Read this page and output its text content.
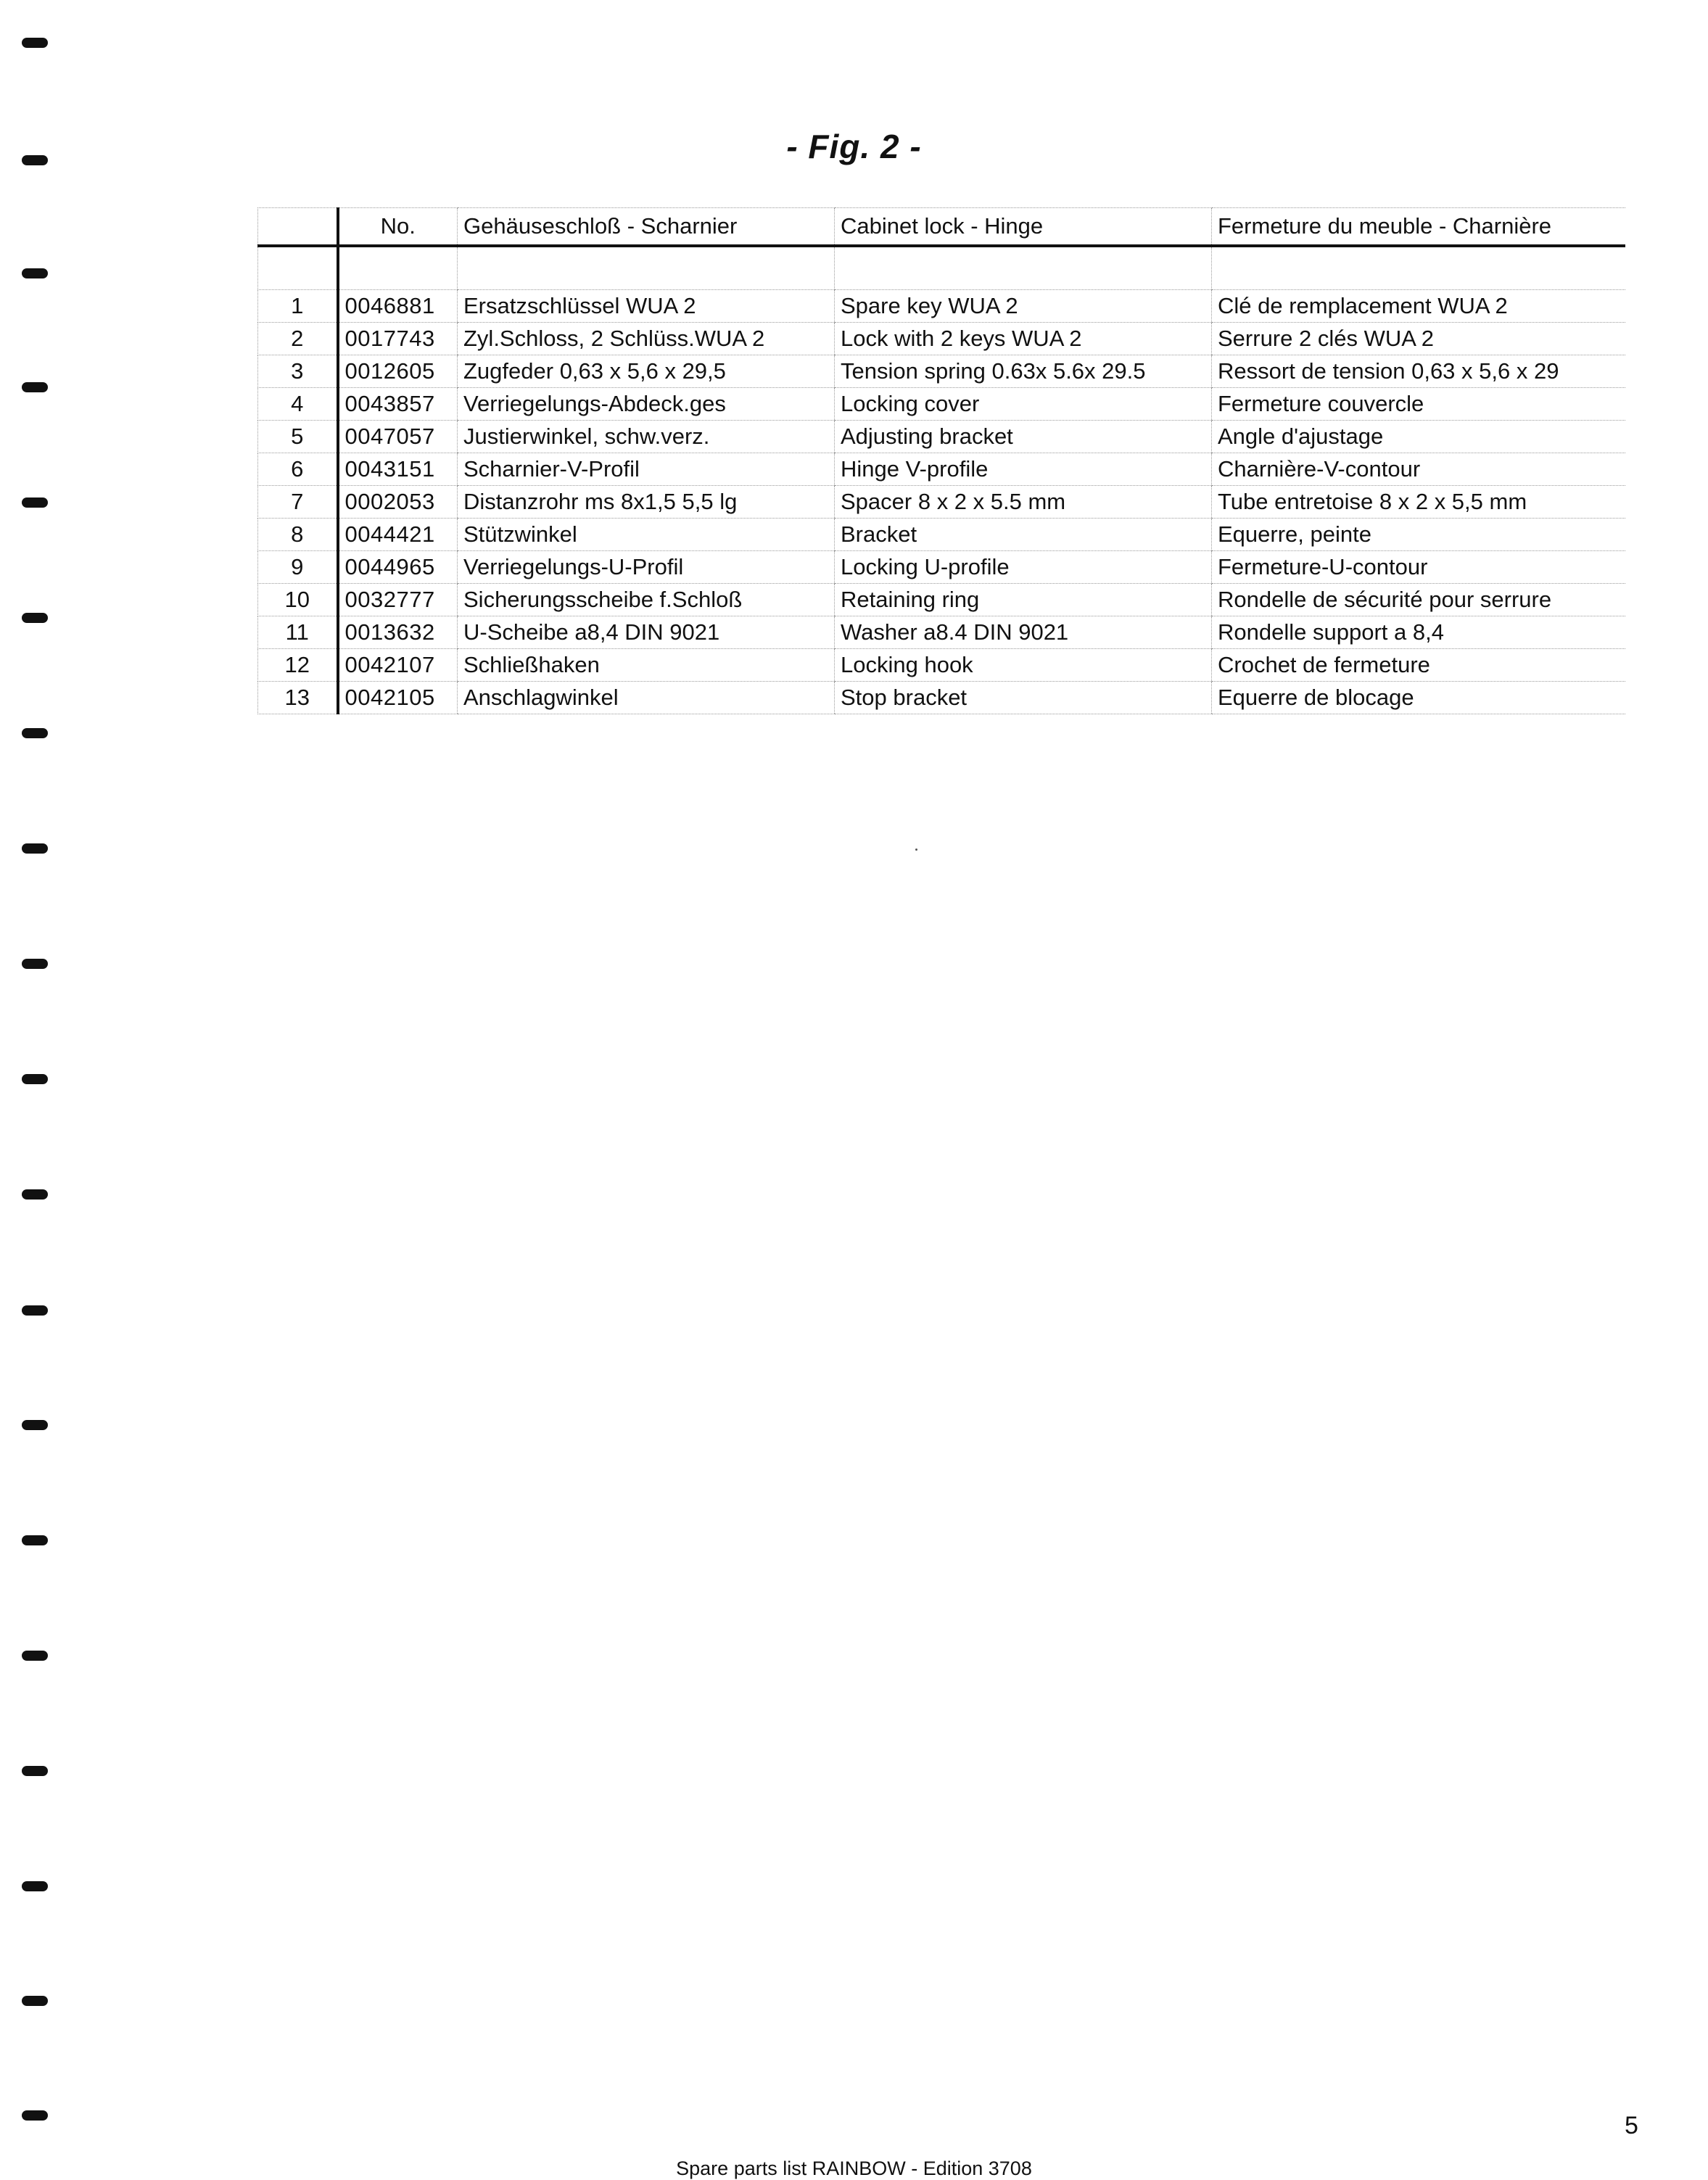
- Fig. 2 -
	No.	Gehäuseschloß - Scharnier	Cabinet lock - Hinge	Fermeture du meuble - Charnière

1	0046881	Ersatzschlüssel WUA 2	Spare key WUA 2	Clé de remplacement WUA 2
2	0017743	Zyl.Schloss, 2 Schlüss.WUA 2	Lock with 2 keys WUA 2	Serrure 2 clés WUA 2
3	0012605	Zugfeder 0,63 x 5,6 x 29,5	Tension spring 0.63x 5.6x 29.5	Ressort de tension 0,63 x 5,6 x 29
4	0043857	Verriegelungs-Abdeck.ges	Locking cover	Fermeture couvercle
5	0047057	Justierwinkel, schw.verz.	Adjusting bracket	Angle d'ajustage
6	0043151	Scharnier-V-Profil	Hinge V-profile	Charnière-V-contour
7	0002053	Distanzrohr ms 8x1,5 5,5 lg	Spacer 8 x 2 x 5.5 mm	Tube entretoise 8 x 2 x 5,5 mm
8	0044421	Stützwinkel	Bracket	Equerre, peinte
9	0044965	Verriegelungs-U-Profil	Locking U-profile	Fermeture-U-contour
10	0032777	Sicherungsscheibe f.Schloß	Retaining ring	Rondelle de sécurité pour serrure
11	0013632	U-Scheibe a8,4 DIN 9021	Washer a8.4 DIN 9021	Rondelle support a 8,4
12	0042107	Schließhaken	Locking hook	Crochet de fermeture
13	0042105	Anschlagwinkel	Stop bracket	Equerre de blocage
5
Spare parts list RAINBOW - Edition 3708
